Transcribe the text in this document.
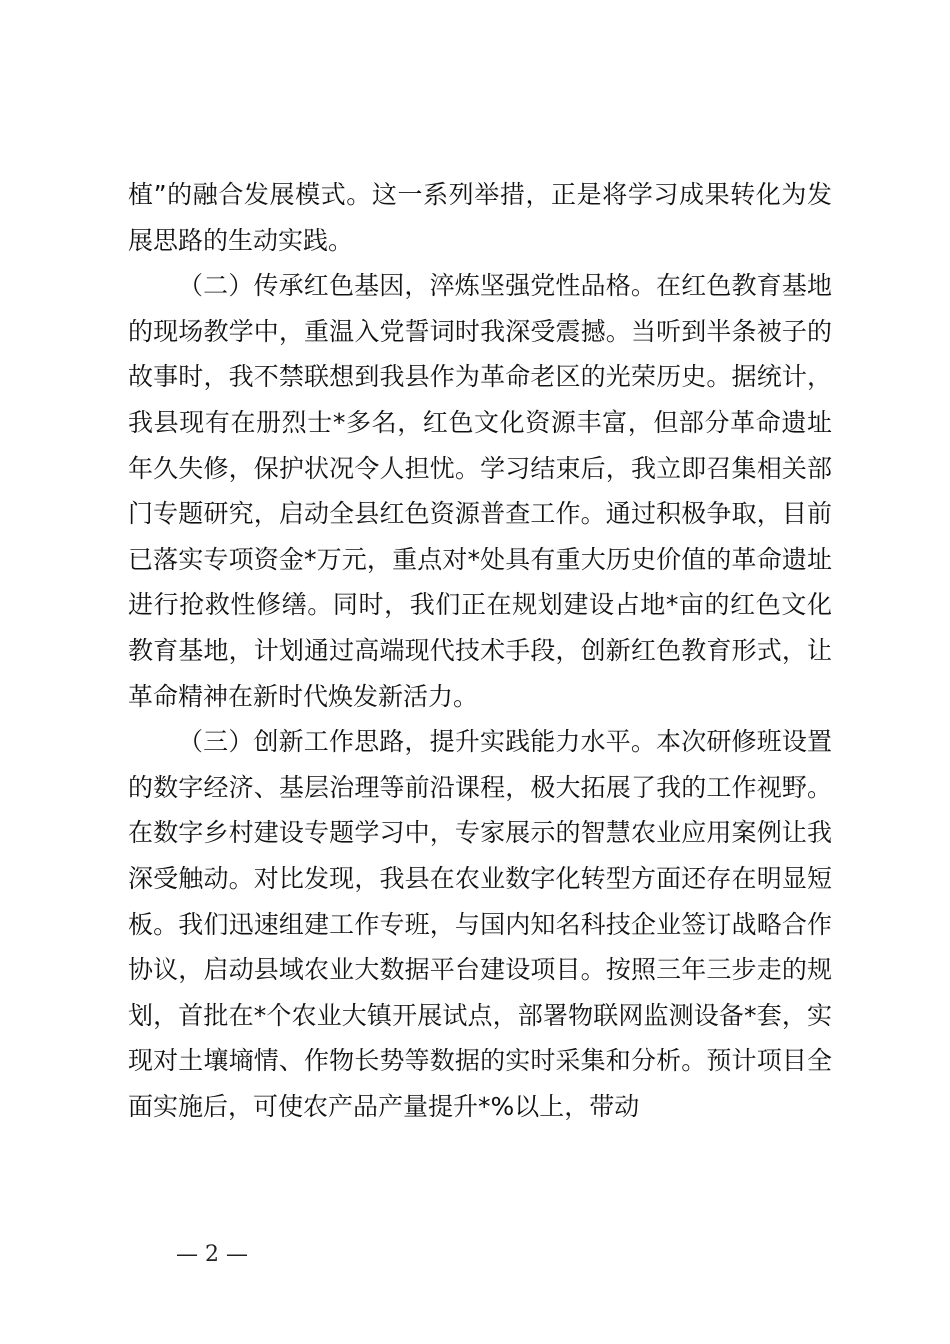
植”的融合发展模式。这一系列举措，正是将学习成果转化为发展思路的生动实践。

（二）传承红色基因，淬炼坚强党性品格。在红色教育基地的现场教学中，重温入党誓词时我深受震撼。当听到半条被子的故事时，我不禁联想到我县作为革命老区的光荣历史。据统计，我县现有在册烈士*多名，红色文化资源丰富，但部分革命遗址年久失修，保护状况令人担忧。学习结束后，我立即召集相关部门专题研究，启动全县红色资源普查工作。通过积极争取，目前已落实专项资金*万元，重点对*处具有重大历史价值的革命遗址进行抢救性修缮。同时，我们正在规划建设占地*亩的红色文化教育基地，计划通过高端现代技术手段，创新红色教育形式，让革命精神在新时代焕发新活力。

（三）创新工作思路，提升实践能力水平。本次研修班设置的数字经济、基层治理等前沿课程，极大拓展了我的工作视野。在数字乡村建设专题学习中，专家展示的智慧农业应用案例让我深受触动。对比发现，我县在农业数字化转型方面还存在明显短板。我们迅速组建工作专班，与国内知名科技企业签订战略合作协议，启动县域农业大数据平台建设项目。按照三年三步走的规划，首批在*个农业大镇开展试点，部署物联网监测设备*套，实现对土壤墒情、作物长势等数据的实时采集和分析。预计项目全面实施后，可使农产品产量提升*%以上，带动

— 2 —
